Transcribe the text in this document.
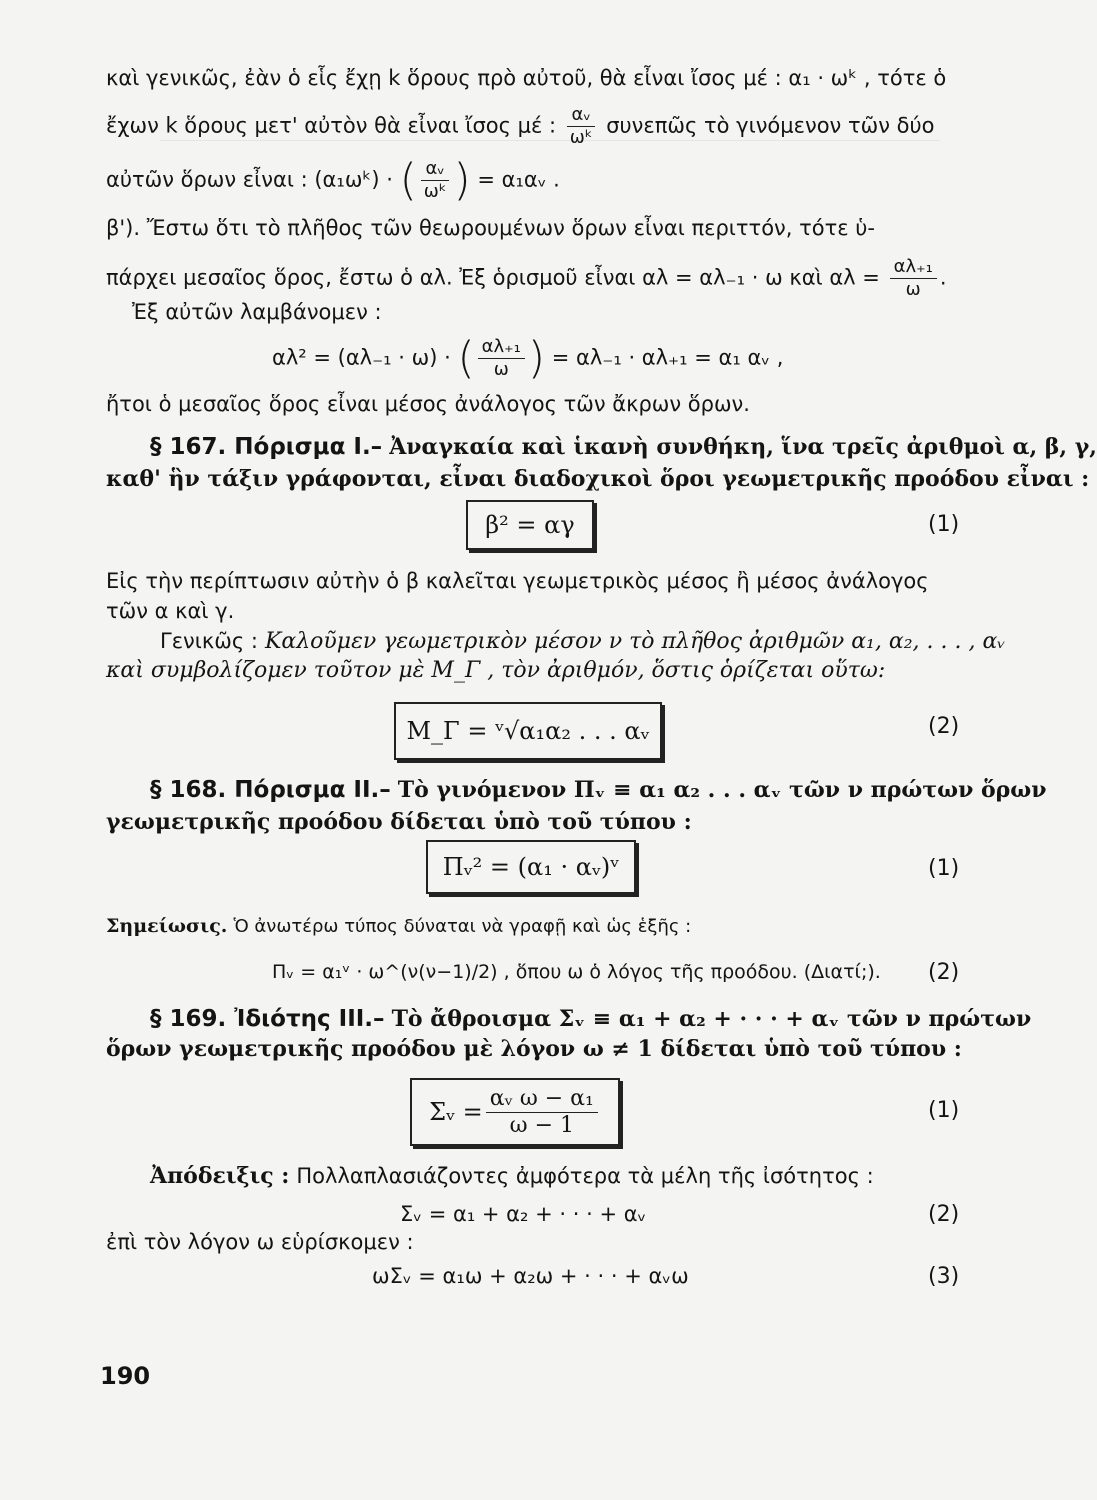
καὶ γενικῶς, ἐὰν ὁ εἷς ἔχῃ k ὅρους πρὸ αὐτοῦ, θὰ εἶναι ἴσος μέ : α₁ · ωᵏ , τότε ὁ
ἔχων k ὅρους μετ' αὐτὸν θὰ εἶναι ἴσος μέ : $\frac{\text{αᵥ}}{\text{ωᵏ}}$ συνεπῶς τὸ γινόμενον τῶν δύο
αὐτῶν ὅρων εἶναι : (α₁ωᵏ) · ( $\frac{\text{αᵥ}}{\text{ωᵏ}}$ ) = α₁αᵥ .
β'). Ἔστω ὅτι τὸ πλῆθος τῶν θεωρουμένων ὅρων εἶναι περιττόν, τότε ὑ-
πάρχει μεσαῖος ὅρος, ἔστω ὁ αλ. Ἐξ ὁρισμοῦ εἶναι αλ = αλ₋₁ · ω καὶ $\alpha\lambda = \frac{\text{αλ₊₁}}{\omega}$ .
Ἐξ αὐτῶν λαμβάνομεν :
αλ² = (αλ₋₁ · ω) · ( $\frac{\text{αλ₊₁}}{\omega}$ ) = αλ₋₁ · αλ₊₁ = α₁ αᵥ ,
ἤτοι ὁ μεσαῖος ὅρος εἶναι μέσος ἀνάλογος τῶν ἄκρων ὅρων.
§ 167. Πόρισμα Ι.– Ἀναγκαία καὶ ἱκανὴ συνθήκη, ἵνα τρεῖς ἀριθμοὶ α, β, γ,
καθ' ἣν τάξιν γράφονται, εἶναι διαδοχικοὶ ὅροι γεωμετρικῆς προόδου εἶναι :
β² = αγ	(1)
Εἰς τὴν περίπτωσιν αὐτὴν ὁ β καλεῖται γεωμετρικὸς μέσος ἢ μέσος ἀνάλογος
τῶν α καὶ γ.
Γενικῶς : Καλοῦμεν γεωμετρικὸν μέσον ν τὸ πλῆθος ἀριθμῶν α₁, α₂, . . . , αᵥ
καὶ συμβολίζομεν τοῦτον μὲ Μ_Γ , τὸν ἀριθμόν, ὅστις ὁρίζεται οὕτω:
Μ_Γ = ᵛ√α₁α₂ . . . αᵥ	(2)
§ 168. Πόρισμα ΙΙ.– Τὸ γινόμενον Πᵥ ≡ α₁ α₂ . . . αᵥ τῶν ν πρώτων ὅρων
γεωμετρικῆς προόδου δίδεται ὑπὸ τοῦ τύπου :
Πᵥ² = (α₁ · αᵥ)ᵛ	(1)
Σημείωσις. Ὁ ἀνωτέρω τύπος δύναται νὰ γραφῇ καὶ ὡς ἑξῆς :
Πᵥ = α₁ᵛ · ω^(ν(ν−1)/2) , ὅπου ω ὁ λόγος τῆς προόδου. (Διατί;). (2)
§ 169. Ἰδιότης ΙΙΙ.– Τὸ ἄθροισμα Σᵥ ≡ α₁ + α₂ + · · · + αᵥ τῶν ν πρώτων
ὅρων γεωμετρικῆς προόδου μὲ λόγον ω ≠ 1 δίδεται ὑπὸ τοῦ τύπου :
Σᵥ = $\frac{\text{αᵥ ω − α₁}}{\omega - 1}$	(1)
Ἀπόδειξις : Πολλαπλασιάζοντες ἀμφότερα τὰ μέλη τῆς ἰσότητος :
Σᵥ = α₁ + α₂ + · · · + αᵥ	(2)
ἐπὶ τὸν λόγον ω εὑρίσκομεν :
ωΣᵥ = α₁ω + α₂ω + · · · + αᵥω	(3)
190
